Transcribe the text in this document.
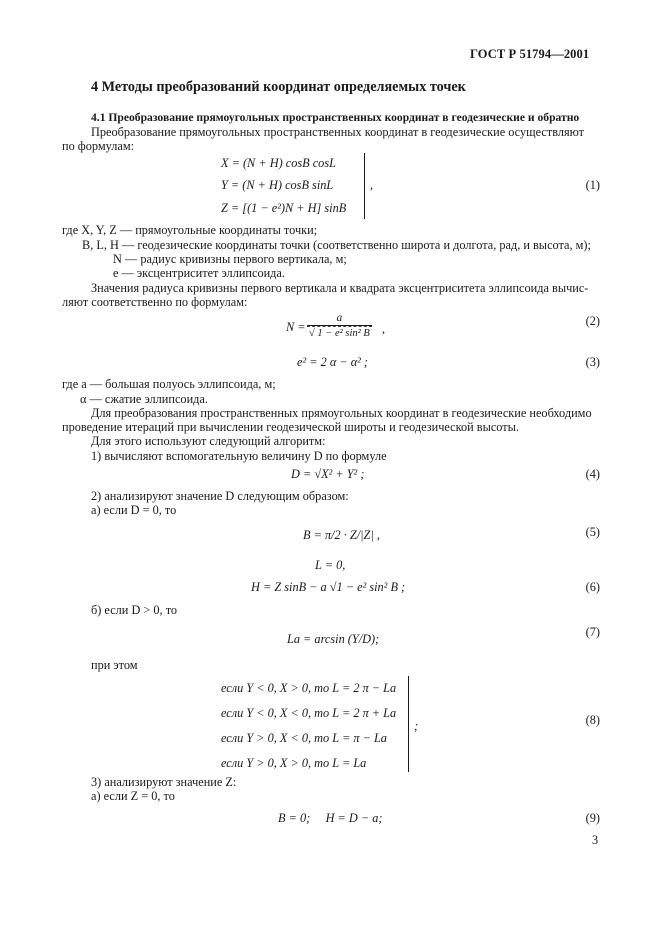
ГОСТ Р 51794—2001
4 Методы преобразований координат определяемых точек
4.1 Преобразование прямоугольных пространственных координат в геодезические и обратно
Преобразование прямоугольных пространственных координат в геодезические осуществляют
по формулам:
X = (N + H) cosB cosL
Y = (N + H) cosB sinL
Z = [(1 − e²)N + H] sinB
,	(1)
где X, Y, Z — прямоугольные координаты точки;
B, L, H — геодезические координаты точки (соответственно широта и долгота, рад, и высота, м);
N — радиус кривизны первого вертикала, м;
e — эксцентриситет эллипсоида.
Значения радиуса кривизны первого вертикала и квадрата эксцентриситета эллипсоида вычис-
ляют соответственно по формулам:
$N = \frac{a}{\text{√ 1 − e² sin² B}}$ ,
(2)
e² = 2 α − α² ;	(3)
где a — большая полуось эллипсоида, м;
α — сжатие эллипсоида.
Для преобразования пространственных прямоугольных координат в геодезические необходимо
проведение итераций при вычислении геодезической широты и геодезической высоты.
Для этого используют следующий алгоритм:
1) вычисляют вспомогательную величину D по формуле
D = √X² + Y² ;	(4)
2) анализируют значение D следующим образом:
а) если D = 0, то
B = π/2 · Z/|Z| ,	(5)
L = 0,
H = Z sinB − a √1 − e² sin² B ;	(6)
б) если D > 0, то
La = arcsin (Y/D);	(7)
при этом
если Y < 0, X > 0, то L = 2 π − La
если Y < 0, X < 0, то L = 2 π + La
если Y > 0, X < 0, то L = π − La
если Y > 0, X > 0, то L = La
;	(8)
3) анализируют значение Z:
а) если Z = 0, то
B = 0;     H = D − a;	(9)
3
